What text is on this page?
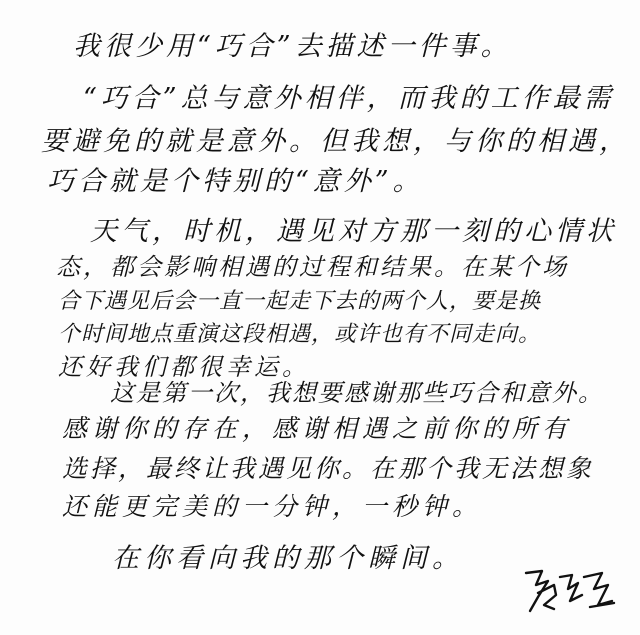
我很少用“巧合”去描述一件事。
“巧合”总与意外相伴，而我的工作最需
要避免的就是意外。但我想，与你的相遇，
巧合就是个特别的“意外”。
天气，时机，遇见对方那一刻的心情状
态，都会影响相遇的过程和结果。在某个场
合下遇见后会一直一起走下去的两个人，要是换
个时间地点重演这段相遇，或许也有不同走向。
还好我们都很幸运。
这是第一次，我想要感谢那些巧合和意外。
感谢你的存在，感谢相遇之前你的所有
选择，最终让我遇见你。在那个我无法想象
还能更完美的一分钟，一秒钟。
在你看向我的那个瞬间。
